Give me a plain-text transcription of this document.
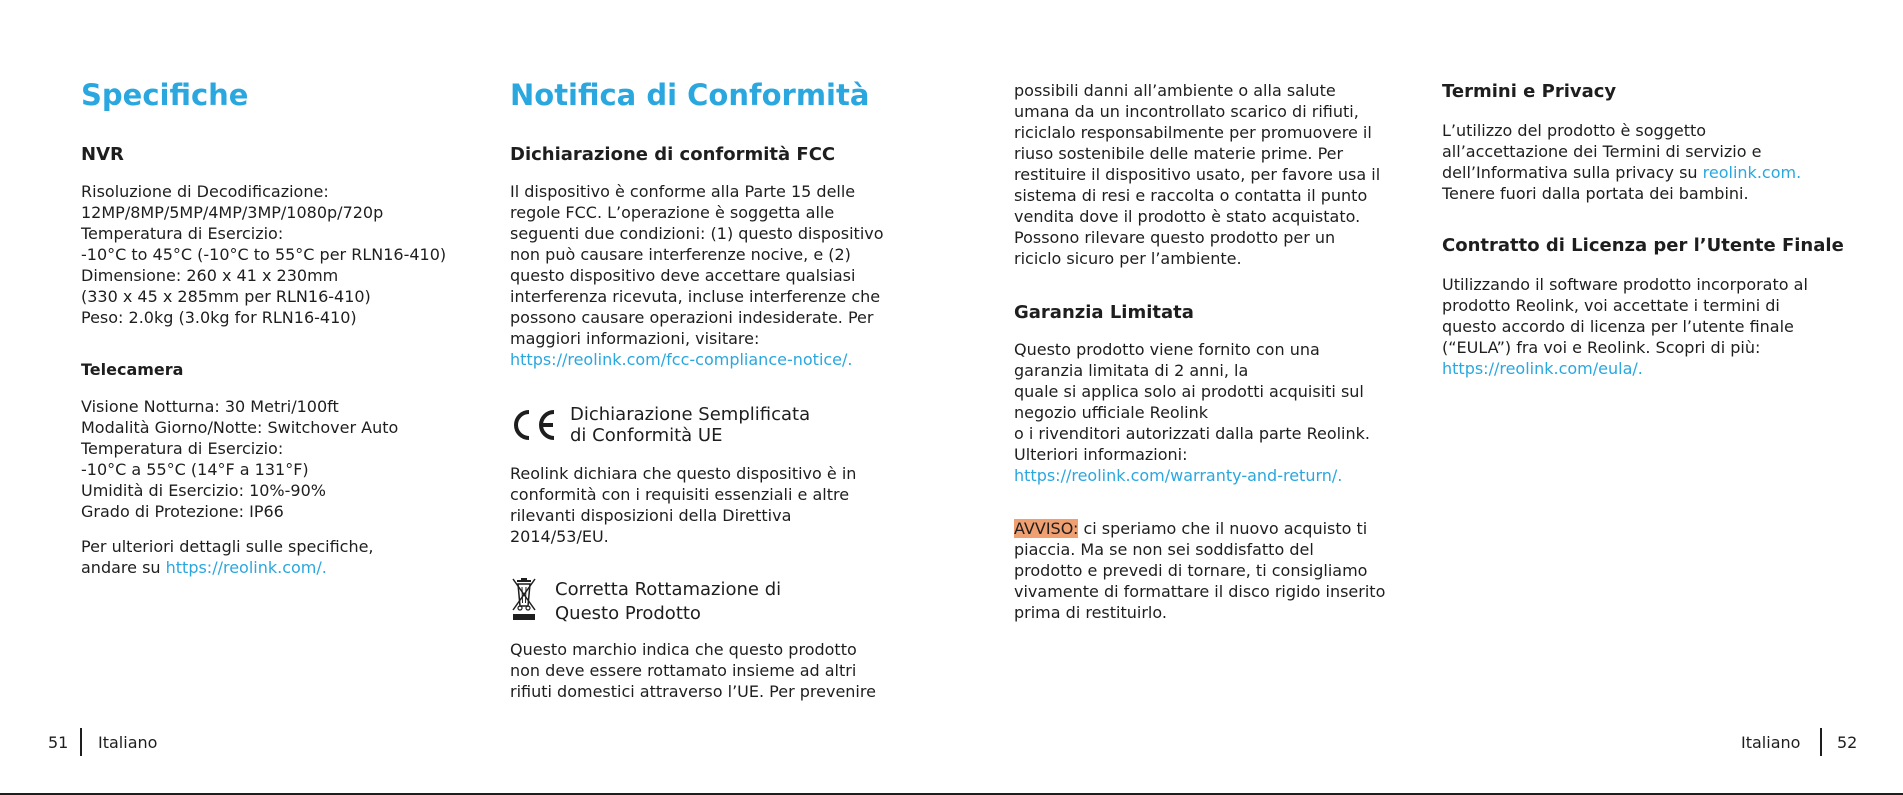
Specifiche
NVR
Risoluzione di Decodificazione:
12MP/8MP/5MP/4MP/3MP/1080p/720p
Temperatura di Esercizio:
-10°C to 45°C (-10°C to 55°C per RLN16-410)
Dimensione: 260 x 41 x 230mm
(330 x 45 x 285mm per RLN16-410)
Peso: 2.0kg (3.0kg for RLN16-410)
Telecamera
Visione Notturna: 30 Metri/100ft
Modalità Giorno/Notte: Switchover Auto
Temperatura di Esercizio:
-10°C a 55°C (14°F a 131°F)
Umidità di Esercizio: 10%-90%
Grado di Protezione: IP66
Per ulteriori dettagli sulle specifiche,
andare su https://reolink.com/.
Notifica di Conformità
Dichiarazione di conformità FCC
Il dispositivo è conforme alla Parte 15 delle
regole FCC. L’operazione è soggetta alle
seguenti due condizioni: (1) questo dispositivo
non può causare interferenze nocive, e (2)
questo dispositivo deve accettare qualsiasi
interferenza ricevuta, incluse interferenze che
possono causare operazioni indesiderate. Per
maggiori informazioni, visitare:
https://reolink.com/fcc-compliance-notice/.
Dichiarazione Semplificata
di Conformità UE
Reolink dichiara che questo dispositivo è in
conformità con i requisiti essenziali e altre
rilevanti disposizioni della Direttiva
2014/53/EU.
Corretta Rottamazione di
Questo Prodotto
Questo marchio indica che questo prodotto
non deve essere rottamato insieme ad altri
rifiuti domestici attraverso l’UE. Per prevenire
possibili danni all’ambiente o alla salute
umana da un incontrollato scarico di rifiuti,
riciclalo responsabilmente per promuovere il
riuso sostenibile delle materie prime. Per
restituire il dispositivo usato, per favore usa il
sistema di resi e raccolta o contatta il punto
vendita dove il prodotto è stato acquistato.
Possono rilevare questo prodotto per un
riciclo sicuro per l’ambiente.
Garanzia Limitata
Questo prodotto viene fornito con una
garanzia limitata di 2 anni, la
quale si applica solo ai prodotti acquisiti sul
negozio ufficiale Reolink
o i rivenditori autorizzati dalla parte Reolink.
Ulteriori informazioni:
https://reolink.com/warranty-and-return/.
AVVISO: ci speriamo che il nuovo acquisto ti
piaccia. Ma se non sei soddisfatto del
prodotto e prevedi di tornare, ti consigliamo
vivamente di formattare il disco rigido inserito
prima di restituirlo.
Termini e Privacy
L’utilizzo del prodotto è soggetto
all’accettazione dei Termini di servizio e
dell’Informativa sulla privacy su reolink.com.
Tenere fuori dalla portata dei bambini.
Contratto di Licenza per l’Utente Finale
Utilizzando il software prodotto incorporato al
prodotto Reolink, voi accettate i termini di
questo accordo di licenza per l’utente finale
(“EULA”) fra voi e Reolink. Scopri di più:
https://reolink.com/eula/.
51 Italiano	Italiano 52
